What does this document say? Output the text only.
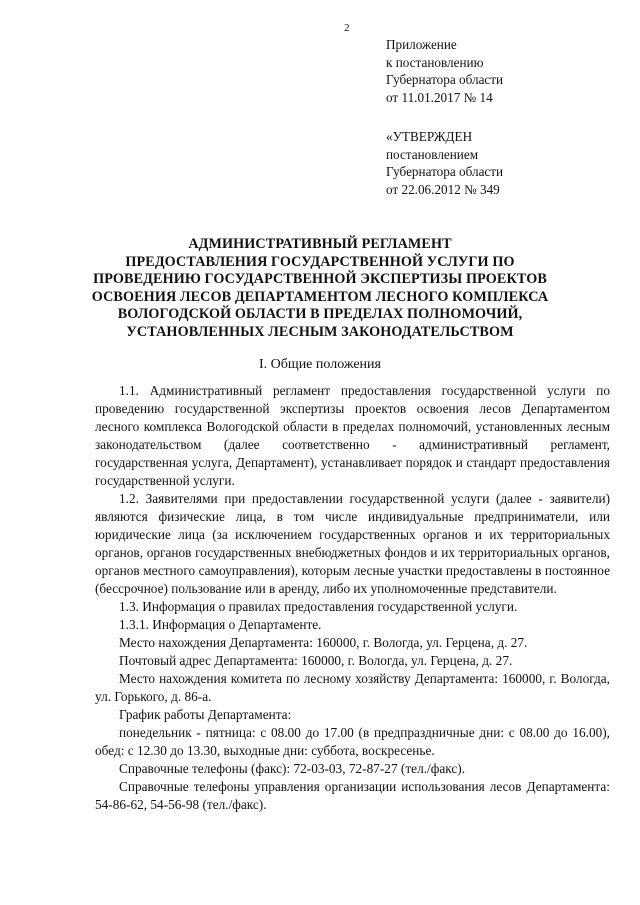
2
Приложение
к постановлению
Губернатора области
от 11.01.2017 № 14
«УТВЕРЖДЕН
постановлением
Губернатора области
от 22.06.2012 № 349
АДМИНИСТРАТИВНЫЙ РЕГЛАМЕНТ
ПРЕДОСТАВЛЕНИЯ ГОСУДАРСТВЕННОЙ УСЛУГИ ПО
ПРОВЕДЕНИЮ ГОСУДАРСТВЕННОЙ ЭКСПЕРТИЗЫ ПРОЕКТОВ
ОСВОЕНИЯ ЛЕСОВ ДЕПАРТАМЕНТОМ ЛЕСНОГО КОМПЛЕКСА
ВОЛОГОДСКОЙ ОБЛАСТИ В ПРЕДЕЛАХ ПОЛНОМОЧИЙ,
УСТАНОВЛЕННЫХ ЛЕСНЫМ ЗАКОНОДАТЕЛЬСТВОМ
I. Общие положения

1.1. Административный регламент предоставления государственной услуги по проведению государственной экспертизы проектов освоения лесов Департаментом лесного комплекса Вологодской области в пределах полномочий, установленных лесным законодательством (далее соответственно - административный регламент, государственная услуга, Департамент), устанавливает порядок и стандарт предоставления государственной услуги.

1.2. Заявителями при предоставлении государственной услуги (далее - заявители) являются физические лица, в том числе индивидуальные предприниматели, или юридические лица (за исключением государственных органов и их территориальных органов, органов государственных внебюджетных фондов и их территориальных органов, органов местного самоуправления), которым лесные участки предоставлены в постоянное (бессрочное) пользование или в аренду, либо их уполномоченные представители.

1.3. Информация о правилах предоставления государственной услуги.

1.3.1. Информация о Департаменте.

Место нахождения Департамента: 160000, г. Вологда, ул. Герцена, д. 27.

Почтовый адрес Департамента: 160000, г. Вологда, ул. Герцена, д. 27.

Место нахождения комитета по лесному хозяйству Департамента: 160000, г. Вологда, ул. Горького, д. 86-а.

График работы Департамента:

понедельник - пятница: с 08.00 до 17.00 (в предпраздничные дни: с 08.00 до 16.00), обед: с 12.30 до 13.30, выходные дни: суббота, воскресенье.

Справочные телефоны (факс): 72-03-03, 72-87-27 (тел./факс).

Справочные телефоны управления организации использования лесов Департамента: 54-86-62, 54-56-98 (тел./факс).
